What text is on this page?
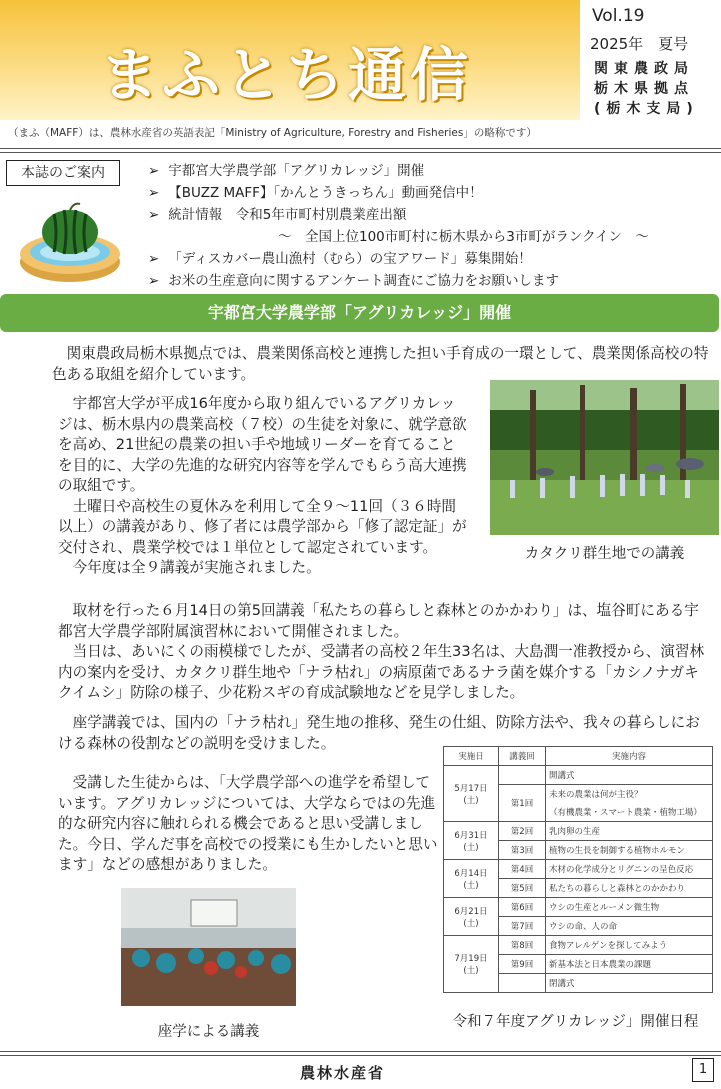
まふとち通信
Vol.19
2025年　夏号
関東農政局
栃木県拠点
(栃木支局)
（まふ（MAFF）は、農林水産省の英語表記「Ministry of Agriculture, Forestry and Fisheries」の略称です）
本誌のご案内	➢ 宇都宮大学農学部「アグリカレッジ」開催
➢ 【BUZZ MAFF】「かんとうきっちん」動画発信中！
➢ 統計情報　令和5年市町村別農業産出額
～　全国上位100市町村に栃木県から3市町がランクイン　～
➢ 「ディスカバー農山漁村（むら）の宝アワード」募集開始！
➢ お米の生産意向に関するアンケート調査にご協力をお願いします
宇都宮大学農学部「アグリカレッジ」開催

　関東農政局栃木県拠点では、農業関係高校と連携した担い手育成の一環として、農業関係高校の特色ある取組を紹介しています。

　宇都宮大学が平成16年度から取り組んでいるアグリカレッジは、栃木県内の農業高校（７校）の生徒を対象に、就学意欲を高め、21世紀の農業の担い手や地域リーダーを育てることを目的に、大学の先進的な研究内容等を学んでもらう高大連携の取組です。

　土曜日や高校生の夏休みを利用して全９～11回（３６時間以上）の講義があり、修了者には農学部から「修了認定証」が交付され、農業学校では１単位として認定されています。

　今年度は全９講義が実施されました。

　取材を行った６月14日の第5回講義「私たちの暮らしと森林とのかかわり」は、塩谷町にある宇都宮大学農学部附属演習林において開催されました。

　当日は、あいにくの雨模様でしたが、受講者の高校２年生33名は、大島潤一准教授から、演習林内の案内を受け、カタクリ群生地や「ナラ枯れ」の病原菌であるナラ菌を媒介する「カシノナガキクイムシ」防除の様子、少花粉スギの育成試験地などを見学しました。

　座学講義では、国内の「ナラ枯れ」発生地の推移、発生の仕組、防除方法や、我々の暮らしにおける森林の役割などの説明を受けました。

　受講した生徒からは、「大学農学部への進学を希望しています。アグリカレッジについては、大学ならではの先進的な研究内容に触れられる機会であると思い受講しました。今日、学んだ事を高校での授業にも生かしたいと思います」などの感想がありました。

カタクリ群生地での講義
座学による講義
実施日	講義回	実施内容
5月17日(土)		開講式
	第1回	未来の農業は何が主役？
		（有機農業・スマート農業・植物工場）
6月31日(土)	第2回	乳肉卵の生産
	第3回	植物の生長を制御する植物ホルモン
6月14日(土)	第4回	木材の化学成分とリグニンの呈色反応
	第5回	私たちの暮らしと森林とのかかわり
6月21日(土)	第6回	ウシの生産とルーメン微生物
	第7回	ウシの命、人の命
7月19日(土)	第8回	食物アレルゲンを探してみよう
	第9回	新基本法と日本農業の課題
		閉講式
令和７年度アグリカレッジ」開催日程
農林水産省	1
